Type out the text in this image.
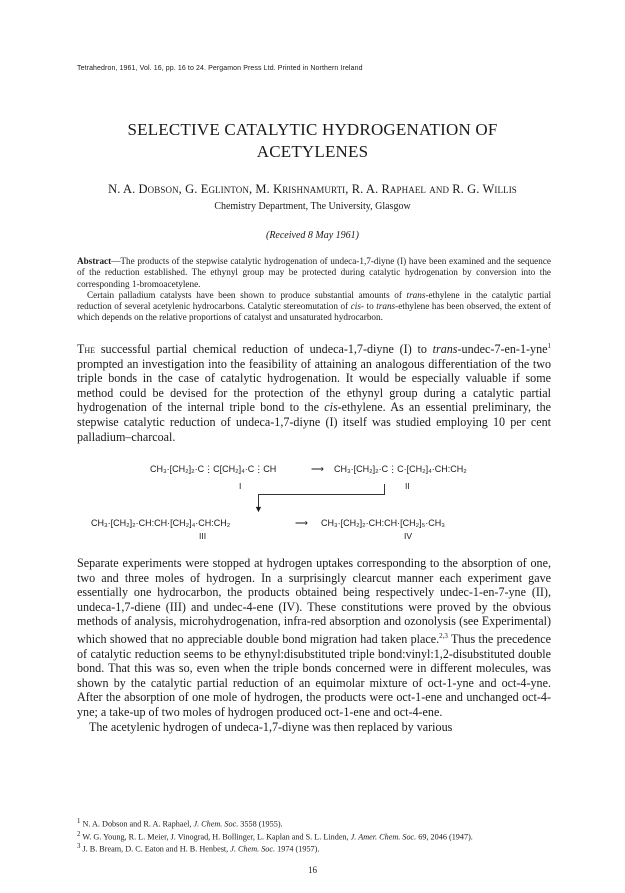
Tetrahedron, 1961, Vol. 16, pp. 16 to 24. Pergamon Press Ltd. Printed in Northern Ireland
SELECTIVE CATALYTIC HYDROGENATION OF
ACETYLENES
N. A. Dobson, G. Eglinton, M. Krishnamurti, R. A. Raphael and R. G. Willis
Chemistry Department, The University, Glasgow
(Received 8 May 1961)

Abstract—The products of the stepwise catalytic hydrogenation of undeca-1,7-diyne (I) have been examined and the sequence of the reduction established. The ethynyl group may be protected during catalytic hydrogenation by conversion into the corresponding 1-bromoacetylene.

Certain palladium catalysts have been shown to produce substantial amounts of trans-ethylene in the catalytic partial reduction of several acetylenic hydrocarbons. Catalytic stereomutation of cis- to trans-ethylene has been observed, the extent of which depends on the relative proportions of catalyst and unsaturated hydrocarbon.

The successful partial chemical reduction of undeca-1,7-diyne (I) to trans-undec-7-en-1-yne$^1$ prompted an investigation into the feasibility of attaining an analogous differentiation of the two triple bonds in the case of catalytic hydrogenation. It would be especially valuable if some method could be devised for the protection of the ethynyl group during a catalytic partial hydrogenation of the internal triple bond to the cis-ethylene. As an essential preliminary, the stepwise catalytic reduction of undeca-1,7-diyne (I) itself was studied employing 10 per cent palladium–charcoal.

CH₃·[CH₂]₂·C⋮C[CH₂]₄·C⋮CH	⟶ CH₃·[CH₂]₂·C⋮C·[CH₂]₄·CH:CH₂
I	II
▼
CH₃·[CH₂]₂·CH:CH·[CH₂]₄·CH:CH₂	⟶ CH₃·[CH₂]₂·CH:CH·[CH₂]₅·CH₃
III	IV

Separate experiments were stopped at hydrogen uptakes corresponding to the absorption of one, two and three moles of hydrogen. In a surprisingly clearcut manner each experiment gave essentially one hydrocarbon, the products obtained being respectively undec-1-en-7-yne (II), undeca-1,7-diene (III) and undec-4-ene (IV). These constitutions were proved by the obvious methods of analysis, microhydrogenation, infra-red absorption and ozonolysis (see Experimental) which showed that no appreciable double bond migration had taken place.$^{2,3}$ Thus the precedence of catalytic reduction seems to be ethynyl:disubstituted triple bond:vinyl:1,2-disubstituted double bond. That this was so, even when the triple bonds concerned were in different molecules, was shown by the catalytic partial reduction of an equimolar mixture of oct-1-yne and oct-4-yne. After the absorption of one mole of hydrogen, the products were oct-1-ene and unchanged oct-4-yne; a take-up of two moles of hydrogen produced oct-1-ene and oct-4-ene.

The acetylenic hydrogen of undeca-1,7-diyne was then replaced by various

$^1$ N. A. Dobson and R. A. Raphael, J. Chem. Soc. 3558 (1955).
$^2$ W. G. Young, R. L. Meier, J. Vinograd, H. Bollinger, L. Kaplan and S. L. Linden, J. Amer. Chem. Soc. 69, 2046 (1947).
$^3$ J. B. Bream, D. C. Eaton and H. B. Henbest, J. Chem. Soc. 1974 (1957).
16
